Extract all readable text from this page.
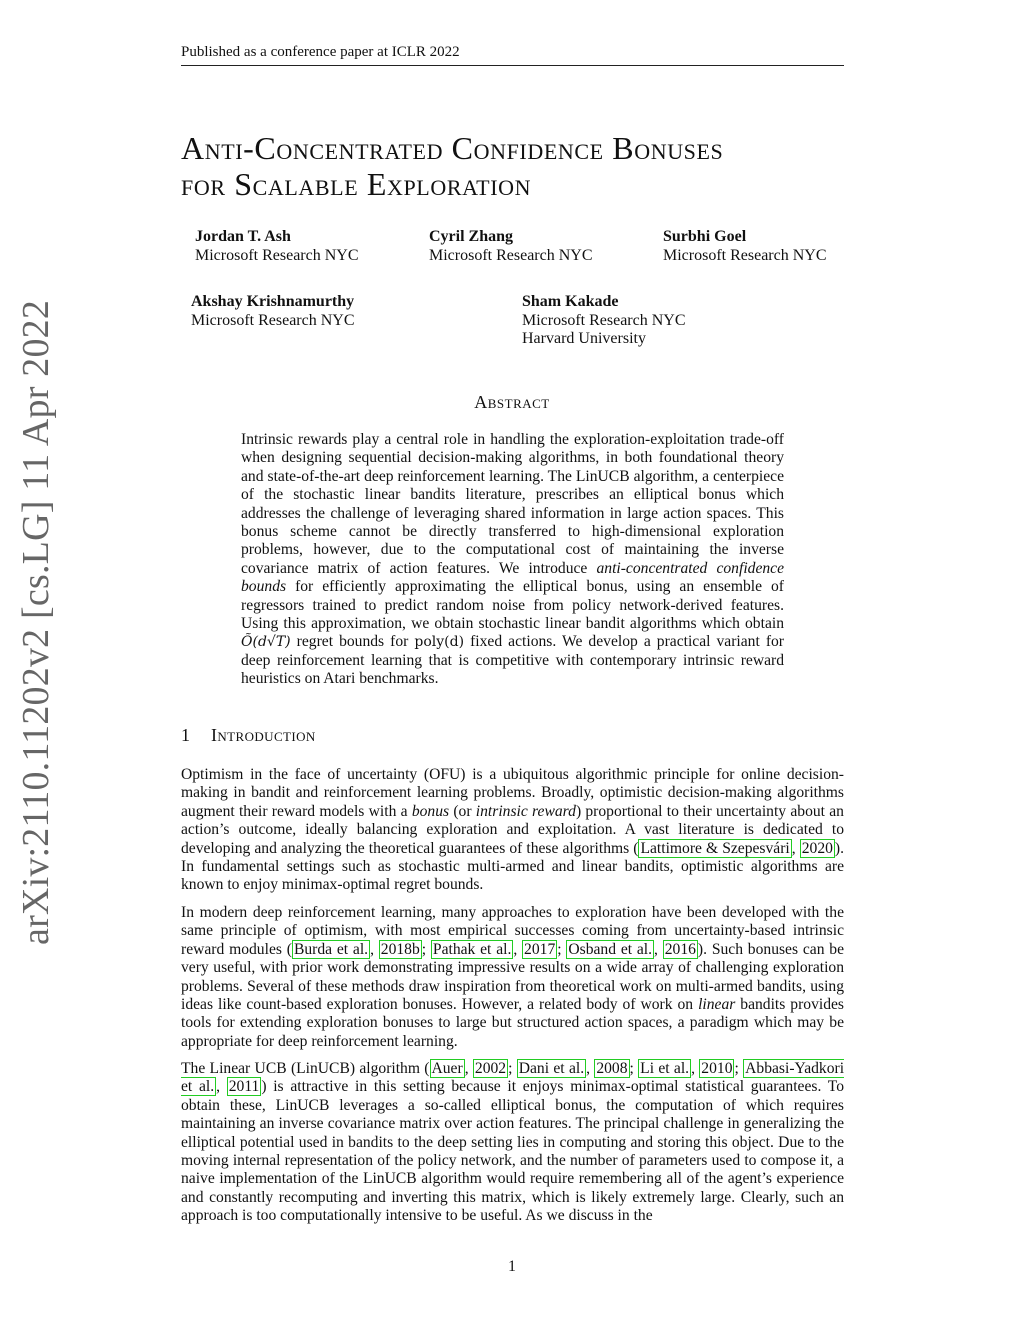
Published as a conference paper at ICLR 2022
arXiv:2110.11202v2 [cs.LG] 11 Apr 2022
Anti-Concentrated Confidence Bonuses
for Scalable Exploration
Jordan T. Ash
Microsoft Research NYC
Cyril Zhang
Microsoft Research NYC
Surbhi Goel
Microsoft Research NYC
Akshay Krishnamurthy
Microsoft Research NYC
Sham Kakade
Microsoft Research NYC
Harvard University
Abstract
Intrinsic rewards play a central role in handling the exploration-exploitation trade-off when designing sequential decision-making algorithms, in both foundational theory and state-of-the-art deep reinforcement learning. The LinUCB algorithm, a centerpiece of the stochastic linear bandits literature, prescribes an elliptical bonus which addresses the challenge of leveraging shared information in large action spaces. This bonus scheme cannot be directly transferred to high-dimensional exploration problems, however, due to the computational cost of maintaining the inverse covariance matrix of action features. We introduce anti-concentrated confidence bounds for efficiently approximating the elliptical bonus, using an ensemble of regressors trained to predict random noise from policy network-derived features. Using this approximation, we obtain stochastic linear bandit algorithms which obtain Õ(d√T) regret bounds for poly(d) fixed actions. We develop a practical variant for deep reinforcement learning that is competitive with contemporary intrinsic reward heuristics on Atari benchmarks.
1 Introduction
Optimism in the face of uncertainty (OFU) is a ubiquitous algorithmic principle for online decision-making in bandit and reinforcement learning problems. Broadly, optimistic decision-making algorithms augment their reward models with a bonus (or intrinsic reward) proportional to their uncertainty about an action’s outcome, ideally balancing exploration and exploitation. A vast literature is dedicated to developing and analyzing the theoretical guarantees of these algorithms ( Lattimore & Szepesvári , 2020 ). In fundamental settings such as stochastic multi-armed and linear bandits, optimistic algorithms are known to enjoy minimax-optimal regret bounds.
In modern deep reinforcement learning, many approaches to exploration have been developed with the same principle of optimism, with most empirical successes coming from uncertainty-based intrinsic reward modules ( Burda et al. , 2018b ; Pathak et al. , 2017 ; Osband et al. , 2016 ). Such bonuses can be very useful, with prior work demonstrating impressive results on a wide array of challenging exploration problems. Several of these methods draw inspiration from theoretical work on multi-armed bandits, using ideas like count-based exploration bonuses. However, a related body of work on linear bandits provides tools for extending exploration bonuses to large but structured action spaces, a paradigm which may be appropriate for deep reinforcement learning.
The Linear UCB (LinUCB) algorithm ( Auer , 2002 ; Dani et al. , 2008 ; Li et al. , 2010 ; Abbasi-Yadkori et al. , 2011 ) is attractive in this setting because it enjoys minimax-optimal statistical guarantees. To obtain these, LinUCB leverages a so-called elliptical bonus, the computation of which requires maintaining an inverse covariance matrix over action features. The principal challenge in generalizing the elliptical potential used in bandits to the deep setting lies in computing and storing this object. Due to the moving internal representation of the policy network, and the number of parameters used to compose it, a naive implementation of the LinUCB algorithm would require remembering all of the agent’s experience and constantly recomputing and inverting this matrix, which is likely extremely large. Clearly, such an approach is too computationally intensive to be useful. As we discuss in the
1
